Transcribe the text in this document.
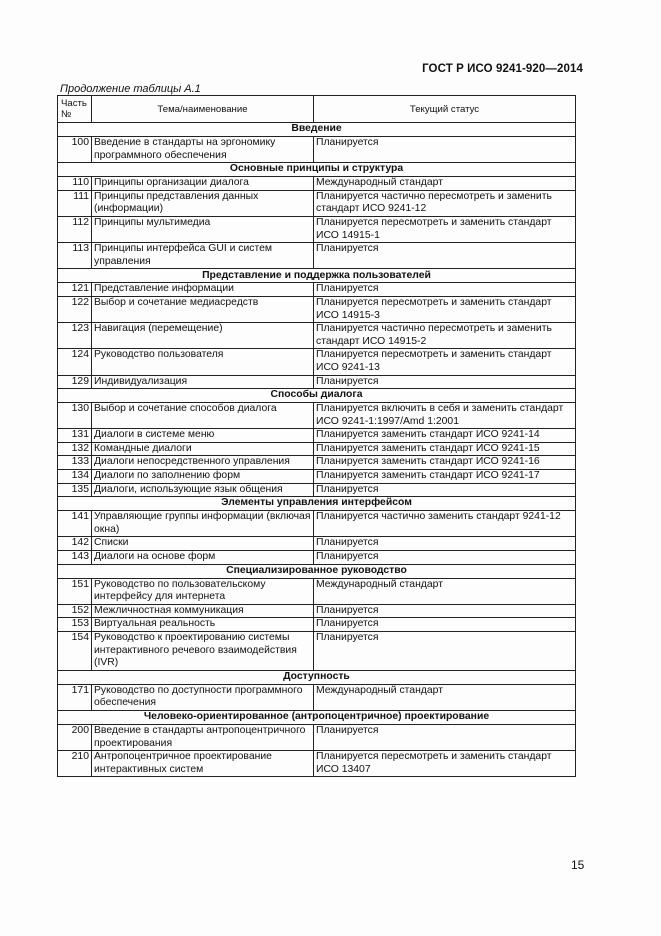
ГОСТ Р ИСО 9241-920—2014
Продолжение таблицы А.1
Часть №	Тема/наименование	Текущий статус
Введение		
100	Введение в стандарты на эргономику программного обеспечения	Планируется
Основные принципы и структура		
110	Принципы организации диалога	Международный стандарт
111	Принципы представления данных (информации)	Планируется частично пересмотреть и заменить стандарт ИСО 9241-12
112	Принципы мультимедиа	Планируется пересмотреть и заменить стандарт ИСО 14915-1
113	Принципы интерфейса GUI и систем управления	Планируется
Представление и поддержка пользователей		
121	Представление информации	Планируется
122	Выбор и сочетание медиасредств	Планируется пересмотреть и заменить стандарт ИСО 14915-3
123	Навигация (перемещение)	Планируется частично пересмотреть и заменить стандарт ИСО 14915-2
124	Руководство пользователя	Планируется пересмотреть и заменить стандарт ИСО 9241-13
129	Индивидуализация	Планируется
Способы диалога		
130	Выбор и сочетание способов диалога	Планируется включить в себя и заменить стандарт ИСО 9241-1:1997/Amd 1:2001
131	Диалоги в системе меню	Планируется заменить стандарт ИСО 9241-14
132	Командные диалоги	Планируется заменить стандарт ИСО 9241-15
133	Диалоги непосредственного управления	Планируется заменить стандарт ИСО 9241-16
134	Диалоги по заполнению форм	Планируется заменить стандарт ИСО 9241-17
135	Диалоги, использующие язык общения	Планируется
Элементы управления интерфейсом		
141	Управляющие группы информации (включая окна)	Планируется частично заменить стандарт 9241-12
142	Списки	Планируется
143	Диалоги на основе форм	Планируется
Специализированное руководство		
151	Руководство по пользовательскому интерфейсу для интернета	Международный стандарт
152	Межличностная коммуникация	Планируется
153	Виртуальная реальность	Планируется
154	Руководство к проектированию системы интерактивного речевого взаимодействия (IVR)	Планируется
Доступность		
171	Руководство по доступности программного обеспечения	Международный стандарт
Человеко-ориентированное (антропоцентричное) проектирование		
200	Введение в стандарты антропоцентричного проектирования	Планируется
210	Антропоцентричное проектирование интерактивных систем	Планируется пересмотреть и заменить стандарт ИСО 13407
15
